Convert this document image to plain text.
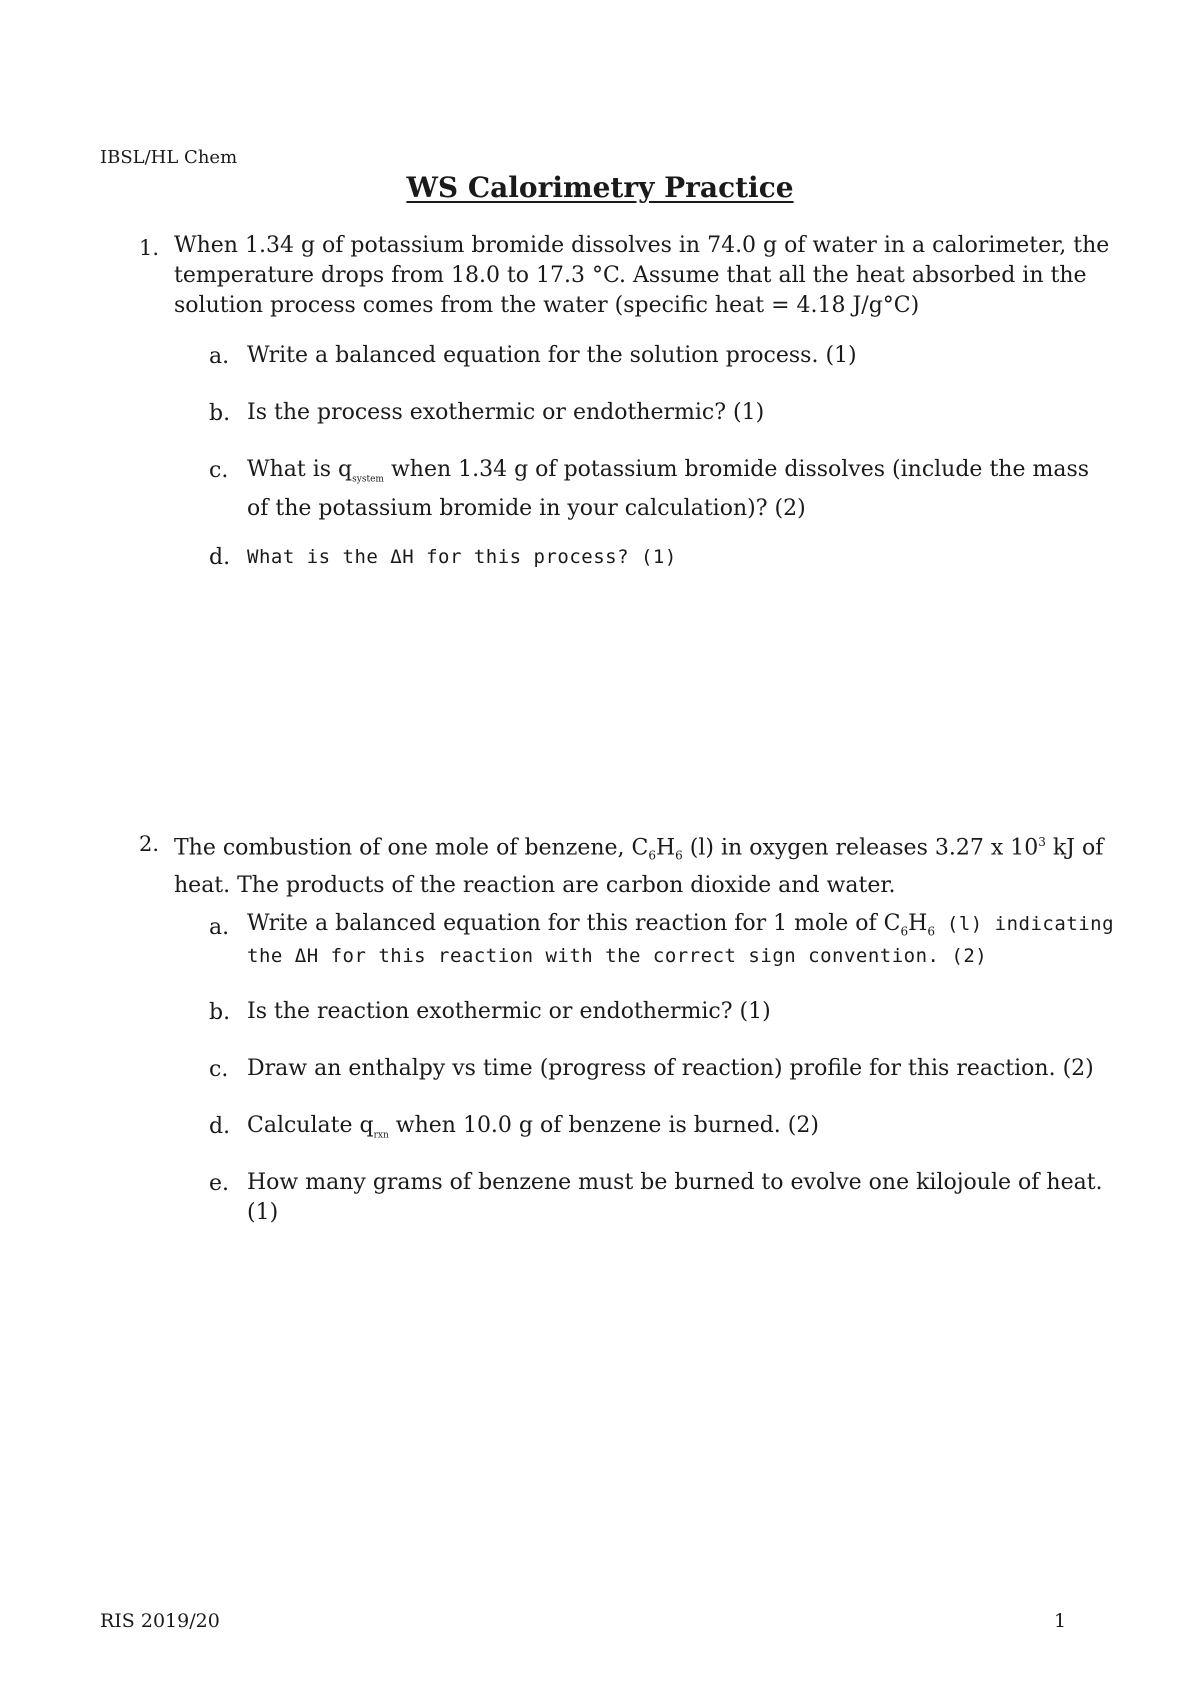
IBSL/HL Chem
WS Calorimetry Practice
1. When 1.34 g of potassium bromide dissolves in 74.0 g of water in a calorimeter, the temperature drops from 18.0 to 17.3 °C. Assume that all the heat absorbed in the solution process comes from the water (specific heat = 4.18 J/g°C)
a. Write a balanced equation for the solution process. (1)
b. Is the process exothermic or endothermic? (1)
c. What is $q_{system}$ when 1.34 g of potassium bromide dissolves (include the mass of the potassium bromide in your calculation)? (2)
d. What is the ΔH for this process? (1)
2. The combustion of one mole of benzene, $C_6H_6$ (l) in oxygen releases 3.27 x $10^3$ kJ of heat. The products of the reaction are carbon dioxide and water.
a. Write a balanced equation for this reaction for 1 mole of $C_6H_6$ (l) indicating
the ΔH for this reaction with the correct sign convention. (2)
b. Is the reaction exothermic or endothermic? (1)
c. Draw an enthalpy vs time (progress of reaction) profile for this reaction. (2)
d. Calculate $q_{rxn}$ when 10.0 g of benzene is burned. (2)
e. How many grams of benzene must be burned to evolve one kilojoule of heat. (1)
RIS 2019/20	1
